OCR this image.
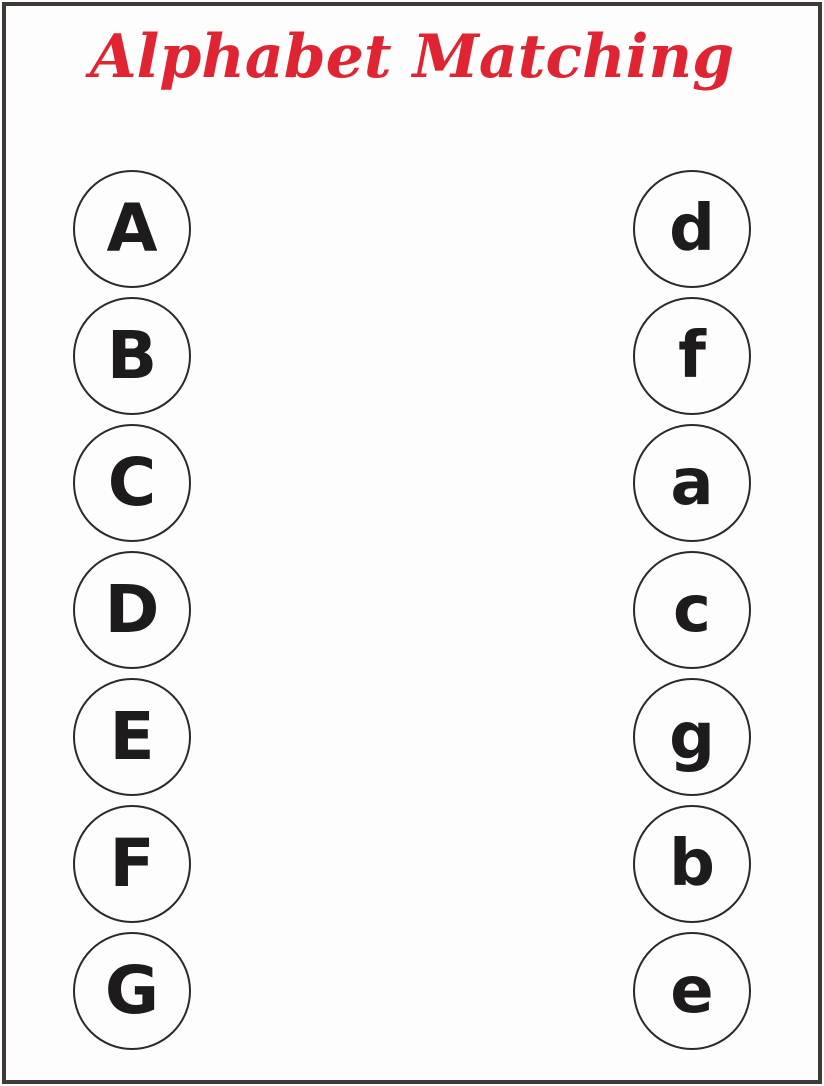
Alphabet Matching
A
B
C
D
E
F
G
d
f
a
c
g
b
e
